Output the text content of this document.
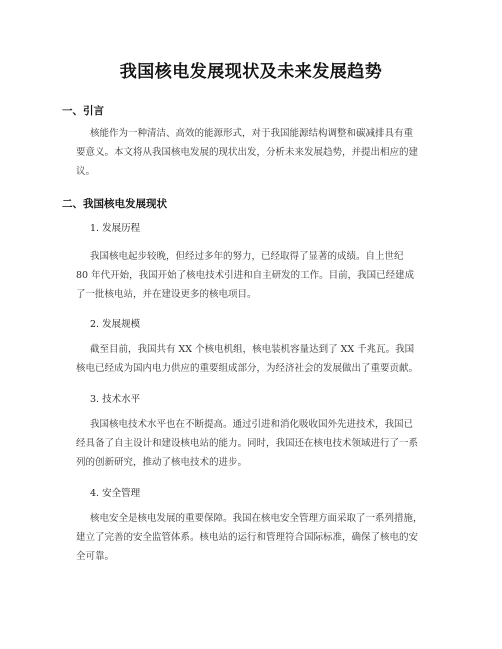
我国核电发展现状及未来发展趋势
一、引言
核能作为一种清洁、高效的能源形式，对于我国能源结构调整和碳减排具有重
要意义。本文将从我国核电发展的现状出发，分析未来发展趋势，并提出相应的建
议。
二、我国核电发展现状
1. 发展历程
我国核电起步较晚，但经过多年的努力，已经取得了显著的成绩。自上世纪
80 年代开始，我国开始了核电技术引进和自主研发的工作。目前，我国已经建成
了一批核电站，并在建设更多的核电项目。
2. 发展规模
截至目前，我国共有 XX 个核电机组，核电装机容量达到了 XX 千兆瓦。我国
核电已经成为国内电力供应的重要组成部分，为经济社会的发展做出了重要贡献。
3. 技术水平
我国核电技术水平也在不断提高。通过引进和消化吸收国外先进技术，我国已
经具备了自主设计和建设核电站的能力。同时，我国还在核电技术领域进行了一系
列的创新研究，推动了核电技术的进步。
4. 安全管理
核电安全是核电发展的重要保障。我国在核电安全管理方面采取了一系列措施，
建立了完善的安全监管体系。核电站的运行和管理符合国际标准，确保了核电的安
全可靠。
